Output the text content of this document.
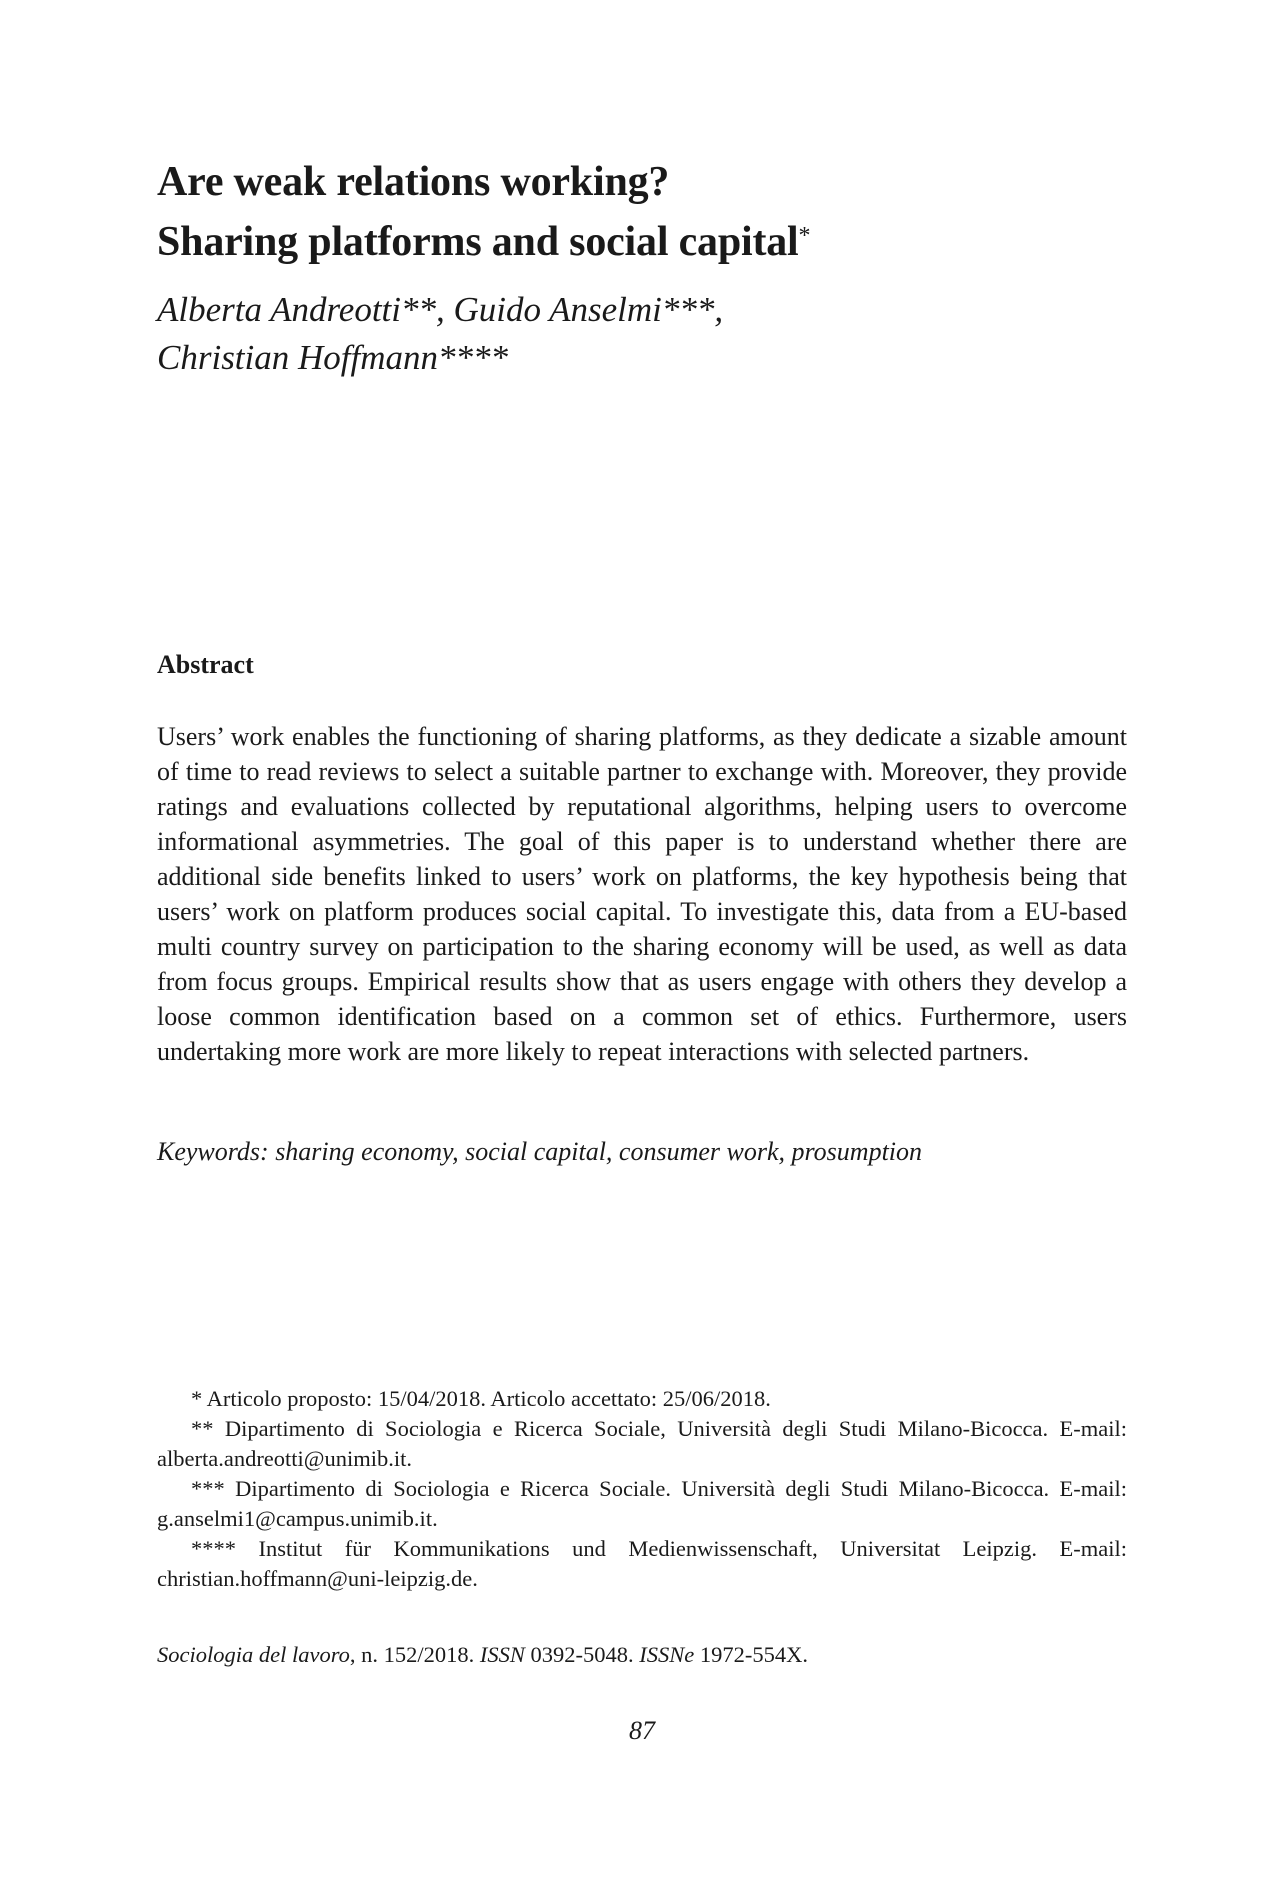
Are weak relations working?
Sharing platforms and social capital*
Alberta Andreotti**, Guido Anselmi***,
Christian Hoffmann****
Abstract

Users’ work enables the functioning of sharing platforms, as they dedicate a sizable amount of time to read reviews to select a suitable partner to exchange with. Moreover, they provide ratings and evaluations collected by reputational algorithms, helping users to overcome informational asymmetries. The goal of this paper is to understand whether there are additional side benefits linked to users’ work on platforms, the key hypothesis being that users’ work on platform produces social capital. To investigate this, data from a EU-based multi country survey on participation to the sharing economy will be used, as well as data from focus groups. Empirical results show that as users engage with others they develop a loose common identification based on a common set of ethics. Furthermore, users undertaking more work are more likely to repeat interactions with selected partners.

Keywords: sharing economy, social capital, consumer work, prosumption

* Articolo proposto: 15/04/2018. Articolo accettato: 25/06/2018.

** Dipartimento di Sociologia e Ricerca Sociale, Università degli Studi Milano-Bicocca. E-mail: alberta.andreotti@unimib.it.

*** Dipartimento di Sociologia e Ricerca Sociale. Università degli Studi Milano-Bicocca. E-mail: g.anselmi1@campus.unimib.it.

**** Institut für Kommunikations und Medienwissenschaft, Universitat Leipzig. E-mail: christian.hoffmann@uni-leipzig.de.

Sociologia del lavoro, n. 152/2018. ISSN 0392-5048. ISSNe 1972-554X.

87
